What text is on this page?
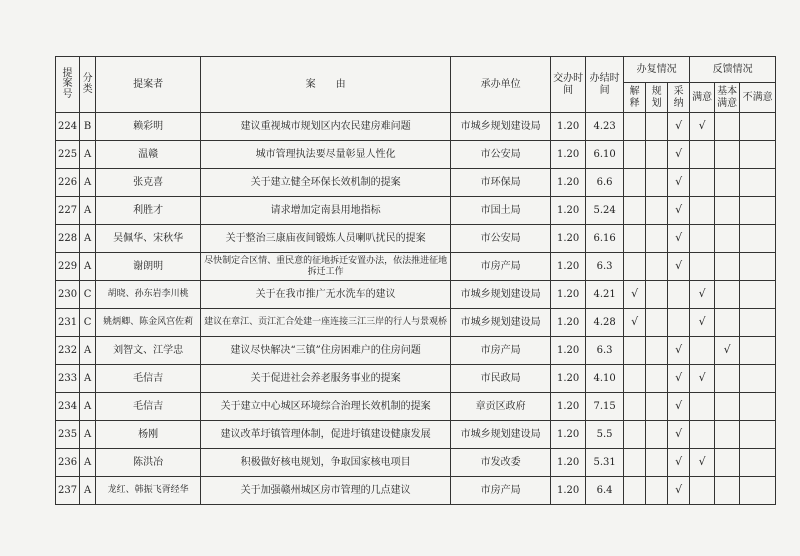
提案号	分类	提案者	案　　由	承办单位	交办时间	办结时间	办复情况			反馈情况		
							解释	规划	采纳	满意	基本满意	不满意
224	B	赖彩明	建议重视城市规划区内农民建房难问题	市城乡规划建设局	1.20	4.23			√	√		
225	A	温赣	城市管理执法要尽量彰显人性化	市公安局	1.20	6.10			√			
226	A	张克喜	关于建立健全环保长效机制的提案	市环保局	1.20	6.6			√			
227	A	利胜才	请求增加定南县用地指标	市国土局	1.20	5.24			√			
228	A	吴佩华、宋秋华	关于整治三康庙夜间锻炼人员喇叭扰民的提案	市公安局	1.20	6.16			√			
229	A	谢朗明	尽快制定合区情、重民意的征地拆迁安置办法，依法推进征地拆迁工作	市房产局	1.20	6.3			√			
230	C	胡晓、孙东岩李川桃	关于在我市推广无水洗车的建议	市城乡规划建设局	1.20	4.21	√			√		
231	C	姚炳卿、陈金风宫佐莉	建议在章江、贡江汇合处建一座连接三江三岸的行人与景观桥	市城乡规划建设局	1.20	4.28	√			√		
232	A	刘智文、江学忠	建议尽快解决“三镇”住房困难户的住房问题	市房产局	1.20	6.3			√		√	
233	A	毛信吉	关于促进社会养老服务事业的提案	市民政局	1.20	4.10			√	√		
234	A	毛信吉	关于建立中心城区环境综合治理长效机制的提案	章贡区政府	1.20	7.15			√			
235	A	杨刚	建议改革圩镇管理体制，促进圩镇建设健康发展	市城乡规划建设局	1.20	5.5			√			
236	A	陈洪冶	积极做好核电规划，争取国家核电项目	市发改委	1.20	5.31			√	√		
237	A	龙红、韩振飞胥经华	关于加强赣州城区房市管理的几点建议	市房产局	1.20	6.4			√			
